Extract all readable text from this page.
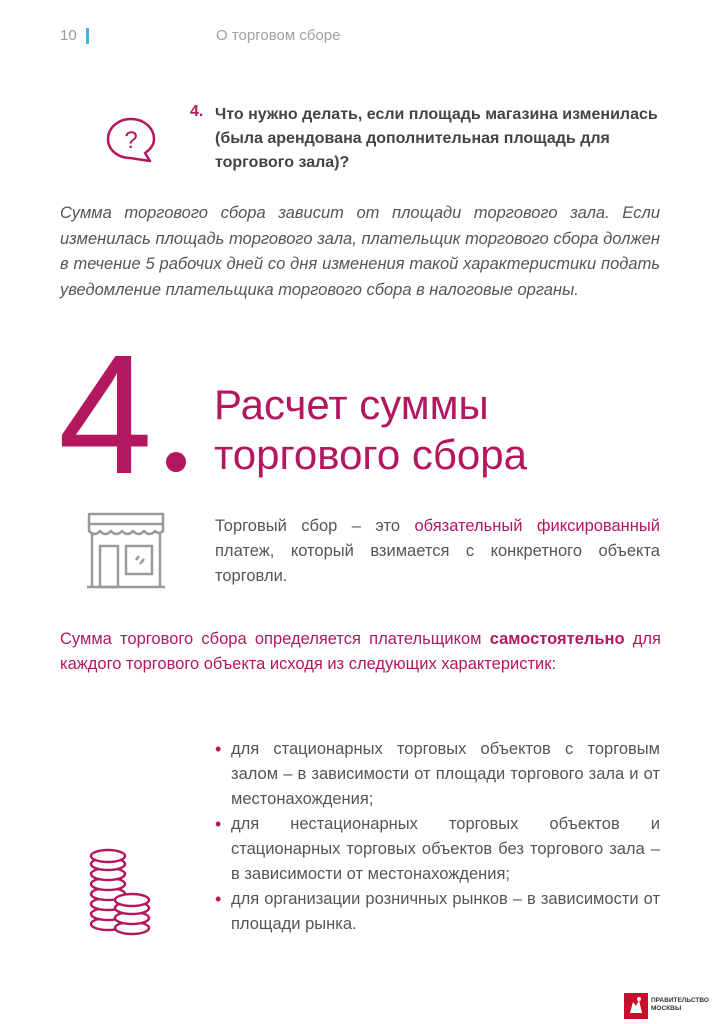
10	О торговом сборе
?
4. Что нужно делать, если площадь магазина изменилась (была арендована дополнительная площадь для торгового зала)?
Сумма торгового сбора зависит от площади торгового зала. Если изменилась площадь торгового зала, плательщик торгового сбора должен в течение 5 рабочих дней со дня изменения такой характеристики подать уведомление плательщика торгового сбора в налоговые органы.
4 Расчет суммы
торгового сбора
Торговый сбор – это обязательный фиксированный платеж, который взимается с конкретного объекта торговли.
Сумма торгового сбора определяется плательщиком самостоятельно для каждого торгового объекта исходя из следующих характеристик:
• для стационарных торговых объектов с торговым залом – в зависимости от площади торгового зала и от местонахождения;
• для нестационарных торговых объектов и стационарных торговых объектов без торгового зала – в зависимости от местонахождения;
• для организации розничных рынков – в зависимости от площади рынка.
ПРАВИТЕЛЬСТВО
МОСКВЫ
